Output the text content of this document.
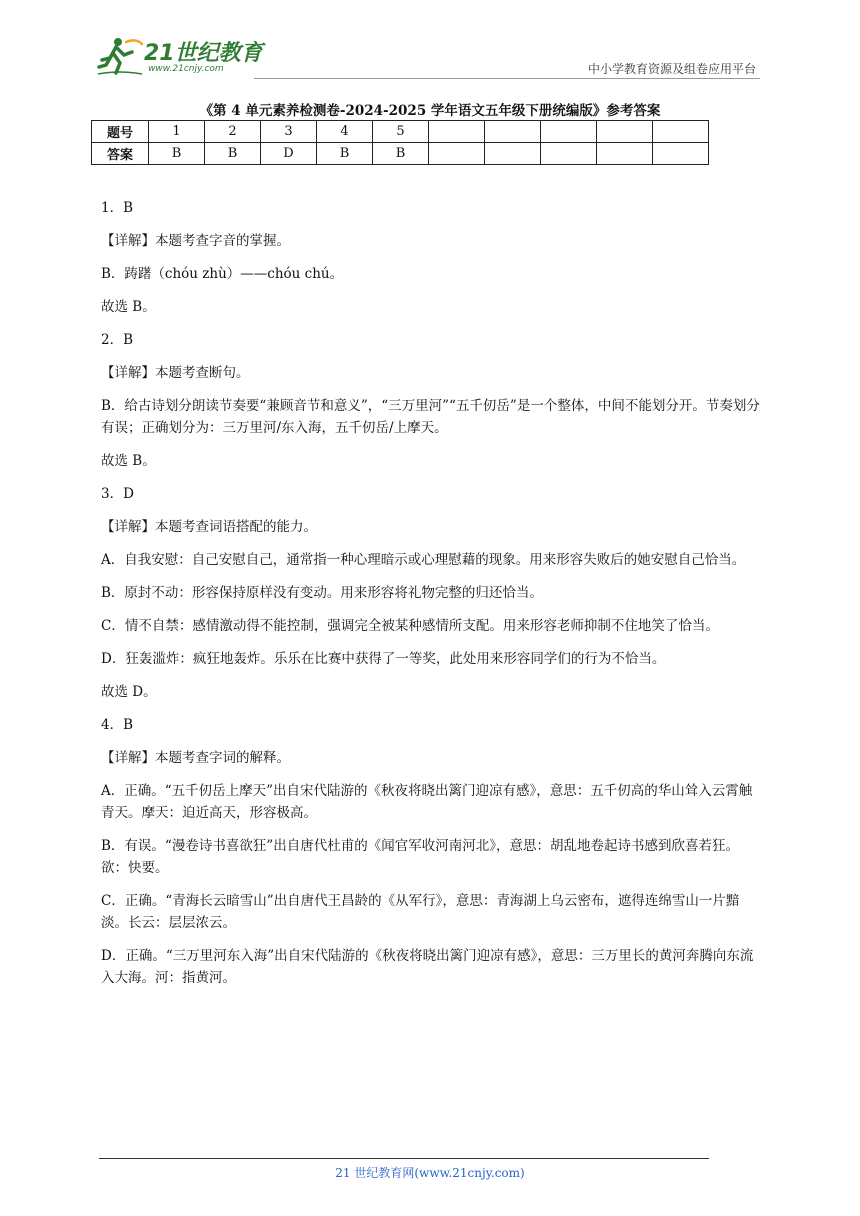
21世纪教育
www.21cnjy.com	中小学教育资源及组卷应用平台
《第 4 单元素养检测卷-2024-2025 学年语文五年级下册统编版》参考答案
题号	1	2	3	4	5					
答案	B	B	D	B	B					

1．B

【详解】本题考查字音的掌握。

B．踌躇（chóu zhù）——chóu chú。

故选 B。

2．B

【详解】本题考查断句。

B．给古诗划分朗读节奏要“兼顾音节和意义”，“三万里河”“五千仞岳”是一个整体，中间不能划分开。节奏划分有误；正确划分为：三万里河/东入海，五千仞岳/上摩天。

故选 B。

3．D

【详解】本题考查词语搭配的能力。

A．自我安慰：自己安慰自己，通常指一种心理暗示或心理慰藉的现象。用来形容失败后的她安慰自己恰当。

B．原封不动：形容保持原样没有变动。用来形容将礼物完整的归还恰当。

C．情不自禁：感情激动得不能控制，强调完全被某种感情所支配。用来形容老师抑制不住地笑了恰当。

D．狂轰滥炸：疯狂地轰炸。乐乐在比赛中获得了一等奖，此处用来形容同学们的行为不恰当。

故选 D。

4．B

【详解】本题考查字词的解释。

A．正确。“五千仞岳上摩天”出自宋代陆游的《秋夜将晓出篱门迎凉有感》，意思：五千仞高的华山耸入云霄触青天。摩天：迫近高天，形容极高。

B．有误。“漫卷诗书喜欲狂”出自唐代杜甫的《闻官军收河南河北》，意思：胡乱地卷起诗书感到欣喜若狂。欲：快要。

C．正确。“青海长云暗雪山”出自唐代王昌龄的《从军行》，意思：青海湖上乌云密布，遮得连绵雪山一片黯淡。长云：层层浓云。

D．正确。“三万里河东入海”出自宋代陆游的《秋夜将晓出篱门迎凉有感》，意思：三万里长的黄河奔腾向东流入大海。河：指黄河。

21 世纪教育网(www.21cnjy.com)
